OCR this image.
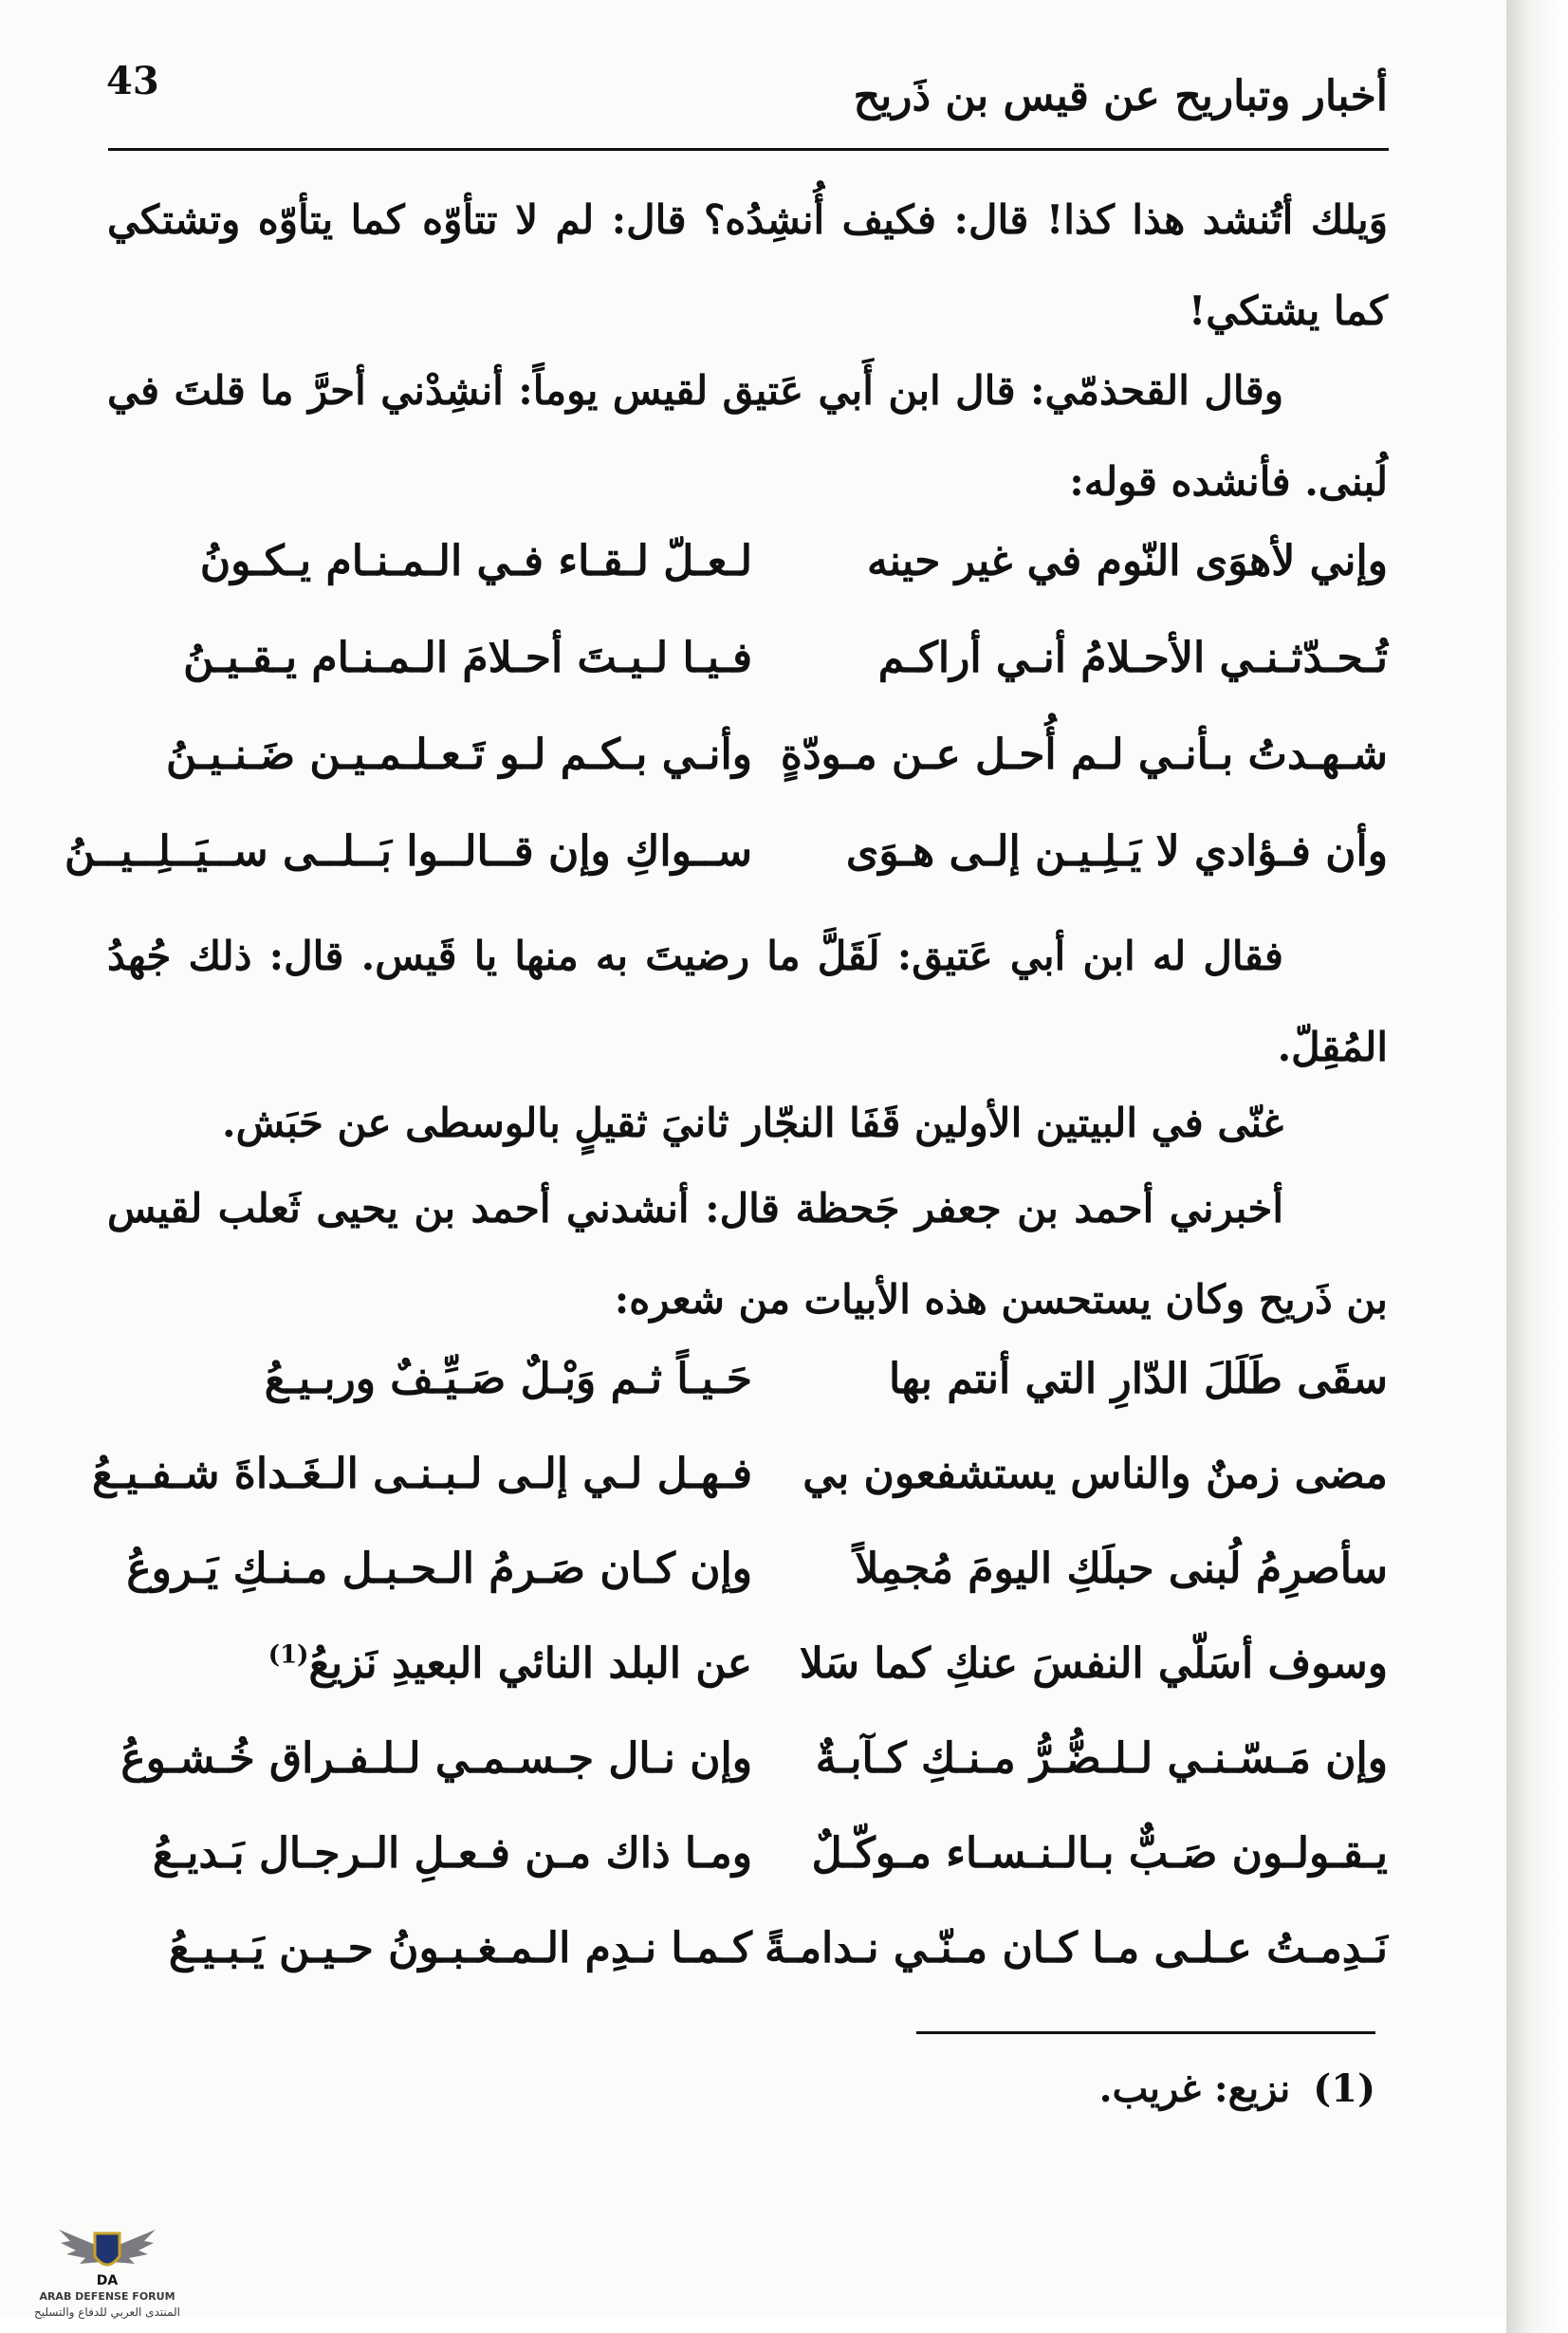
43	أخبار وتباريح عن قيس بن ذَريح
وَيلك أتُنشد هذا كذا! قال: فكيف أُنشِدُه؟ قال: لم لا تتأوّه كما يتأوّه وتشتكي كما يشتكي!
وقال القحذمّي: قال ابن أَبي عَتيق لقيس يوماً: أنشِدْني أحرَّ ما قلتَ في لُبنى. فأنشده قوله:
وإني لأهوَى النّوم في غير حينه
لـعـلّ لـقـاء فـي الـمـنـام يـكـونُ
تُـحـدّثـنـي الأحـلامُ أنـي أراكـم
فـيـا لـيـتَ أحـلامَ الـمـنـام يـقـيـنُ
شـهـدتُ بـأنـي لـم أُحـل عـن مـودّةٍ
وأنـي بـكـم لـو تَـعـلـمـيـن ضَـنـيـنُ
وأن فـؤادي لا يَـلِـيـن إلـى هـوَى
ســواكِ وإن قــالــوا بَــلــى ســيَــلِــيــنُ
فقال له ابن أبي عَتيق: لَقَلَّ ما رضيتَ به منها يا قَيس. قال: ذلك جُهدُ المُقِلّ.
غنّى في البيتين الأولين قَفَا النجّار ثانيَ ثقيلٍ بالوسطى عن حَبَش.
أخبرني أحمد بن جعفر جَحظة قال: أنشدني أحمد بن يحيى ثَعلب لقيس بن ذَريح وكان يستحسن هذه الأبيات من شعره:
سقَى طَلَلَ الدّارِ التي أنتم بها
حَـيـاً ثـم وَبْـلٌ صَـيِّـفٌ وربـيـعُ
مضى زمنٌ والناس يستشفعون بي
فـهـل لـي إلـى لـبـنـى الـغَـداةَ شـفـيـعُ
سأصرِمُ لُبنى حبلَكِ اليومَ مُجمِلاً
وإن كـان صَـرمُ الـحـبـل مـنـكِ يَـروعُ
وسوف أسَلّي النفسَ عنكِ كما سَلا
عن البلد النائي البعيدِ نَزيعُ$^{(1)}$
وإن مَـسّـنـي لـلـضُّـرُّ مـنـكِ كـآبـةٌ
وإن نـال جـسـمـي لـلـفـراق خُـشـوعُ
يـقـولـون صَـبٌّ بـالـنـسـاء مـوكّـلٌ
ومـا ذاك مـن فـعـلِ الـرجـال بَـديـعُ
نَـدِمـتُ عـلـى مـا كـان مـنّـي نـدامـةً
كـمـا نـدِم الـمـغـبـونُ حـيـن يَـبـيـعُ
(1)نزيع: غريب.
DA
ARAB DEFENSE FORUM
المنتدى العربي للدفاع والتسليح
